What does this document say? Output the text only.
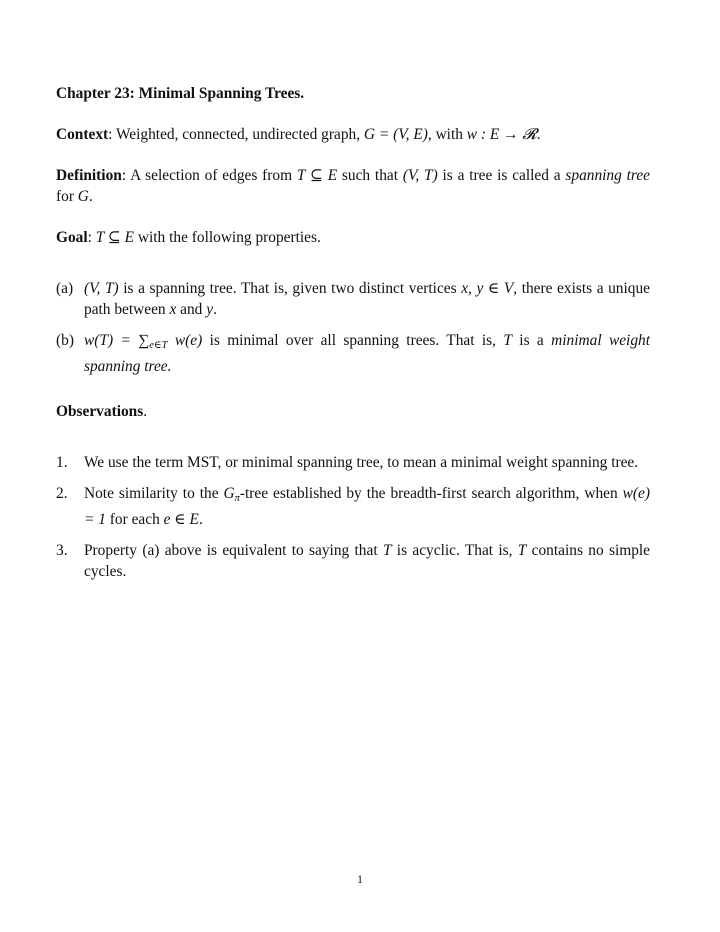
Chapter 23: Minimal Spanning Trees.
Context: Weighted, connected, undirected graph, G = (V, E), with w : E → 𝓡.
Definition: A selection of edges from T ⊆ E such that (V, T) is a tree is called a spanning tree for G.
Goal: T ⊆ E with the following properties.
(a) (V, T) is a spanning tree. That is, given two distinct vertices x, y ∈ V, there exists a unique path between x and y.
(b) $w(T) = \sum_{e\in T}$ w(e) is minimal over all spanning trees. That is, T is a minimal weight spanning tree.
Observations.
1. We use the term MST, or minimal spanning tree, to mean a minimal weight spanning tree.
2. Note similarity to the $G_\pi$-tree established by the breadth-first search algorithm, when w(e) = 1 for each e ∈ E.
3. Property (a) above is equivalent to saying that T is acyclic. That is, T contains no simple cycles.
1
